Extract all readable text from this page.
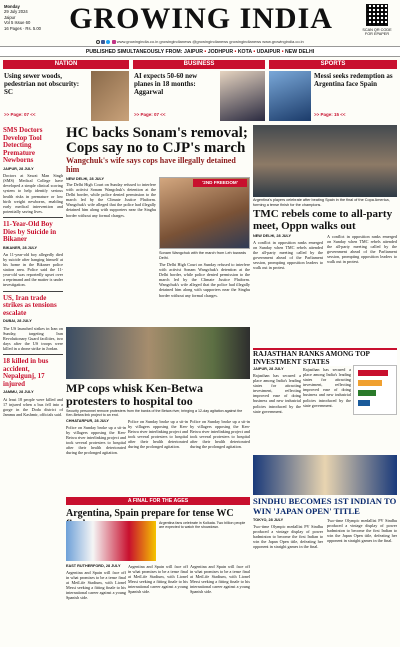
Monday
29 July 2024
Jaipur
Vol 5 Issue 60
16 Pages · Rs. 5.00 GROWING INDIA	SCAN QR CODE FOR EPAPER
www.growingindia.co.in growingindianews @growingindianews growingindianews www.growingindia.co.in
PUBLISHED SIMULTANEOUSLY FROM: JAIPUR • JODHPUR • KOTA • UDAIPUR • NEW DELHI
NATION
Using sewer woods, pedestrian not obscurity: SC
>> Page: 07 <<
BUSINESS
AI expects 50-60 new planes in 18 months: Aggarwal
>> Page: 07 <<
SPORTS
Messi seeks redemption as Argentina face Spain
>> Page: 15 <<
SMS Doctors Develop Tool Detecting Premature Newborns
JAIPUR, 28 JULY

Doctors at Sawai Man Singh (SMS) Medical College have developed a simple clinical scoring system to help identify serious health risks in premature or low birth weight newborns, enabling early medical intervention and potentially saving lives.

11-Year-Old Boy Dies by Suicide in Bikaner
BIKANER, 28 JULY

An 11-year-old boy allegedly died by suicide after hanging himself at his home in the Bikaner police station area. Police said the 11-year-old was reportedly upset over a reprimand and the matter is under investigation.

US, Iran trade strikes as tensions escalate
DUBAI, 28 JULY

The US launched strikes in Iran on Sunday, targeting Iran Revolutionary Guard facilities, two days after the US troops were killed in a drone strike in Jordan.

18 killed in bus accident, Nepalgunj, 17 injured
JAMMU, 28 JULY

At least 18 people were killed and 17 injured when a bus fell into a gorge in the Doda district of Jammu and Kashmir, officials said.

HC backs Sonam's removal; Cops say no to CJP's march
Wangchuk's wife says cops have illegally detained him
NEW DELHI, 28 JULY

The Delhi High Court on Sunday refused to interfere with activist Sonam Wangchuk's detention at the Delhi border, while police denied permission to the march led by the Climate Justice Platform. Wangchuk's wife alleged that the police had illegally detained him along with supporters near the Singhu border without any formal charges.

'2ND FREEDOM'

Sonam Wangchuk with the march from Leh towards Delhi.

The Delhi High Court on Sunday refused to interfere with activist Sonam Wangchuk's detention at the Delhi border, while police denied permission to the march led by the Climate Justice Platform. Wangchuk's wife alleged that the police had illegally detained him along with supporters near the Singhu border without any formal charges.

Argentina's players celebrate after beating Spain in the final of the Copa America, forming a tense finish for the champions.

TMC rebels come to all-party meet, Oppn walks out
NEW DELHI, 28 JULY

A conflict in opposition ranks emerged on Sunday when TMC rebels attended the all-party meeting called by the government ahead of the Parliament session, prompting opposition leaders to walk out in protest.

A conflict in opposition ranks emerged on Sunday when TMC rebels attended the all-party meeting called by the government ahead of the Parliament session, prompting opposition leaders to walk out in protest.

MP cops whisk Ken-Betwa protesters to hospital too

Security personnel remove protesters from the banks of the Betwa river, bringing a 12-day agitation against the Ken-Betwa link project to an end.

CHHATARPUR, 28 JULY

Police on Sunday broke up a sit-in by villagers opposing the Ken-Betwa river interlinking project and took several protesters to hospital after their health deteriorated during the prolonged agitation.

Police on Sunday broke up a sit-in by villagers opposing the Ken-Betwa river interlinking project and took several protesters to hospital after their health deteriorated during the prolonged agitation.

Police on Sunday broke up a sit-in by villagers opposing the Ken-Betwa river interlinking project and took several protesters to hospital after their health deteriorated during the prolonged agitation.

RAJASTHAN RANKS AMONG TOP INVESTMENT STATES
JAIPUR, 28 JULY

Rajasthan has secured a place among India's leading states for attracting investment, reflecting improved ease of doing business and new industrial policies introduced by the state government.

Rajasthan has secured a place among India's leading states for attracting investment, reflecting improved ease of doing business and new industrial policies introduced by the state government.

SINDHU BECOMES 1ST INDIAN TO WIN 'JAPAN OPEN' TITLE
TOKYO, 28 JULY

Two-time Olympic medallist PV Sindhu produced a vintage display of power badminton to become the first Indian to win the Japan Open title, defeating her opponent in straight games in the final.

Two-time Olympic medallist PV Sindhu produced a vintage display of power badminton to become the first Indian to win the Japan Open title, defeating her opponent in straight games in the final.

A FINAL FOR THE AGES
Argentina, Spain prepare for tense WC

Argentina fans celebrate in Kolkata. Two billion people are expected to watch the showdown.

EAST RUTHERFORD, 28 JULY

Argentina and Spain will face off in what promises to be a tense final at MetLife Stadium, with Lionel Messi seeking a fitting finale to his international career against a young Spanish side.

Argentina and Spain will face off in what promises to be a tense final at MetLife Stadium, with Lionel Messi seeking a fitting finale to his international career against a young Spanish side.

Argentina and Spain will face off in what promises to be a tense final at MetLife Stadium, with Lionel Messi seeking a fitting finale to his international career against a young Spanish side.
